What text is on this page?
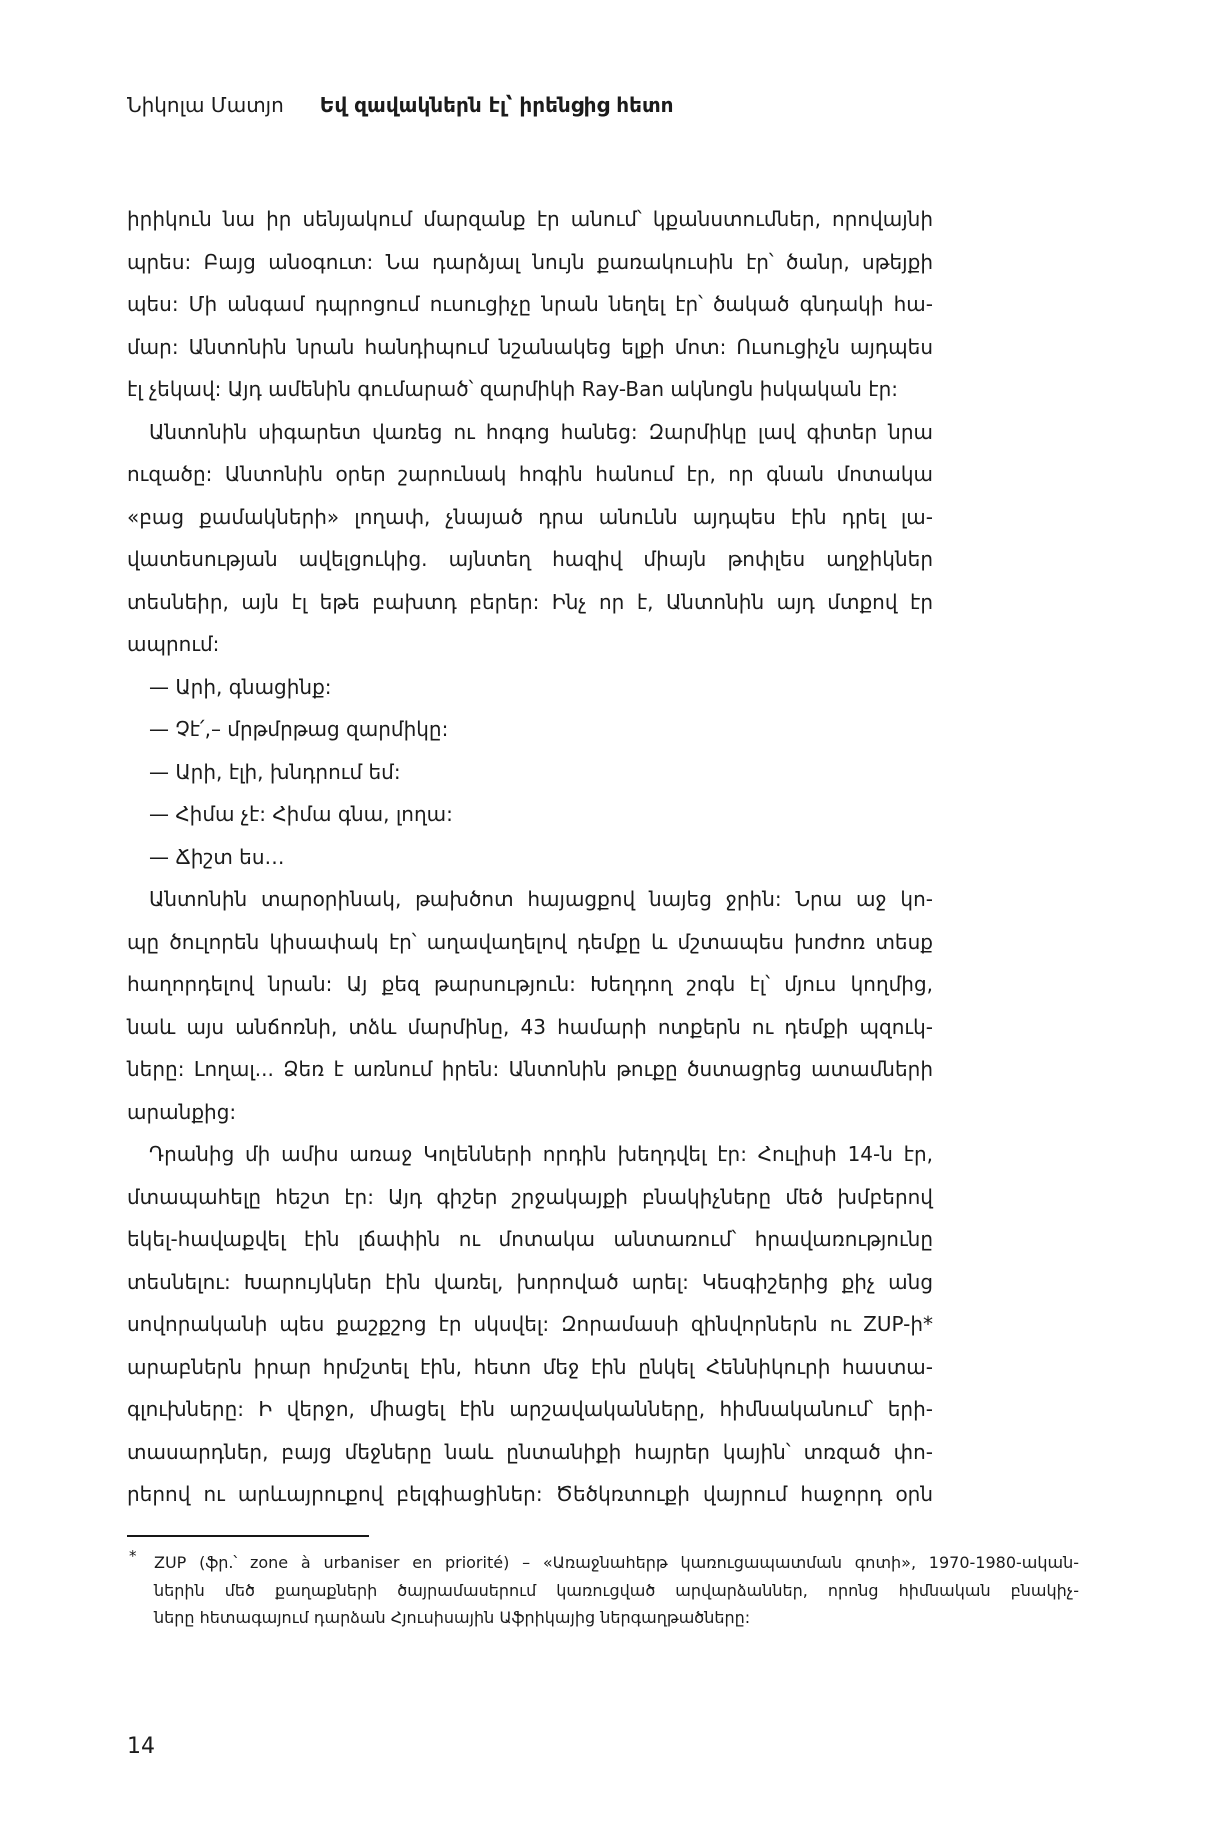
Նիկոլա Մատյո Եվ զավակներն էլ՝ իրենցից հետո
իրիկուն նա իր սենյակում մարզանք էր անում՝ կքանստումներ, որովայնի
պրես: Բայց անօգուտ: Նա դարձյալ նույն քառակուսին էր՝ ծանր, սթեյքի
պես: Մի անգամ դպրոցում ուսուցիչը նրան նեղել էր՝ ծակած գնդակի հա-
մար: Անտոնին նրան հանդիպում նշանակեց ելքի մոտ: Ուսուցիչն այդպես
էլ չեկավ: Այդ ամենին գումարած՝ զարմիկի Ray-Ban ակնոցն իսկական էր:
Անտոնին սիգարետ վառեց ու հոգոց հանեց: Զարմիկը լավ գիտեր նրա
ուզածը: Անտոնին օրեր շարունակ հոգին հանում էր, որ գնան մոտակա
«բաց քամակների» լողափ, չնայած դրա անունն այդպես էին դրել լա-
վատեսության ավելցուկից. այնտեղ հազիվ միայն թոփլես աղջիկներ
տեսնեիր, այն էլ եթե բախտդ բերեր: Ինչ որ է, Անտոնին այդ մտքով էր
ապրում:
— Արի, գնացինք:
— Չէ՛,– մրթմրթաց զարմիկը:
— Արի, էլի, խնդրում եմ:
— Հիմա չէ: Հիմա գնա, լողա:
— Ճիշտ ես…
Անտոնին տարօրինակ, թախծոտ հայացքով նայեց ջրին: Նրա աջ կո-
պը ծուլորեն կիսափակ էր՝ աղավաղելով դեմքը և մշտապես խոժոռ տեսք
հաղորդելով նրան: Այ քեզ թարսություն: Խեղդող շոգն էլ՝ մյուս կողմից,
նաև այս անճոռնի, տձև մարմինը, 43 համարի ոտքերն ու դեմքի պզուկ-
ները: Լողալ... Ձեռ է առնում իրեն: Անտոնին թուքը ծստացրեց ատամների
արանքից:
Դրանից մի ամիս առաջ Կոլենների որդին խեղդվել էր: Հուլիսի 14-ն էր,
մտապահելը հեշտ էր: Այդ գիշեր շրջակայքի բնակիչները մեծ խմբերով
եկել-հավաքվել էին լճափին ու մոտակա անտառում՝ հրավառությունը
տեսնելու: Խարույկներ էին վառել, խորոված արել: Կեսգիշերից քիչ անց
սովորականի պես քաշքշոց էր սկսվել: Զորամասի զինվորներն ու ZUP-ի*
արաբներն իրար հրմշտել էին, հետո մեջ էին ընկել Հեննիկուրի հաստա-
գլուխները: Ի վերջո, միացել էին արշավականները, հիմնականում՝ երի-
տասարդներ, բայց մեջները նաև ընտանիքի հայրեր կային՝ տռզած փո-
րերով ու արևայրուքով բելգիացիներ: Ծեծկռտուքի վայրում հաջորդ օրն
* ZUP (ֆր.՝ zone à urbaniser en priorité) – «Առաջնահերթ կառուցապատման գոտի», 1970-1980-ական-
ներին մեծ քաղաքների ծայրամասերում կառուցված արվարձաններ, որոնց հիմնական բնակիչ-
ները հետագայում դարձան Հյուսիսային Աֆրիկայից ներգաղթածները:
14
